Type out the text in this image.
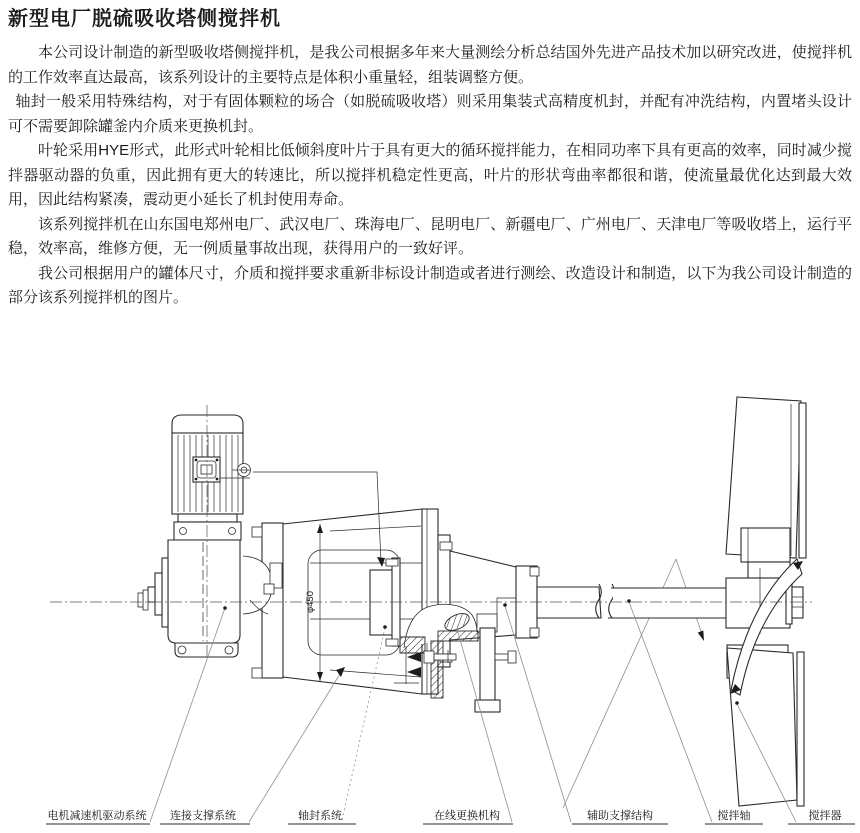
新型电厂脱硫吸收塔侧搅拌机

本公司设计制造的新型吸收塔侧搅拌机，是我公司根据多年来大量测绘分析总结国外先进产品技术加以研究改进，使搅拌机的工作效率直达最高，该系列设计的主要特点是体积小重量轻，组装调整方便。

轴封一般采用特殊结构，对于有固体颗粒的场合（如脱硫吸收塔）则采用集装式高精度机封，并配有冲洗结构，内置堵头设计可不需要卸除罐釜内介质来更换机封。

叶轮采用HYE形式，此形式叶轮相比低倾斜度叶片于具有更大的循环搅拌能力，在相同功率下具有更高的效率，同时减少搅拌器驱动器的负重，因此拥有更大的转速比，所以搅拌机稳定性更高，叶片的形状弯曲率都很和谐，使流量最优化达到最大效用，因此结构紧凑，震动更小延长了机封使用寿命。

该系列搅拌机在山东国电郑州电厂、武汉电厂、珠海电厂、昆明电厂、新疆电厂、广州电厂、天津电厂等吸收塔上，运行平稳，效率高，维修方便，无一例质量事故出现，获得用户的一致好评。

我公司根据用户的罐体尺寸，介质和搅拌要求重新非标设计制造或者进行测绘、改造设计和制造，以下为我公司设计制造的部分该系列搅拌机的图片。

φ450
电机减速机驱动系统 连接支撑系统	轴封系统	在线更换机构	辅助支撑结构	搅拌轴	搅拌器
